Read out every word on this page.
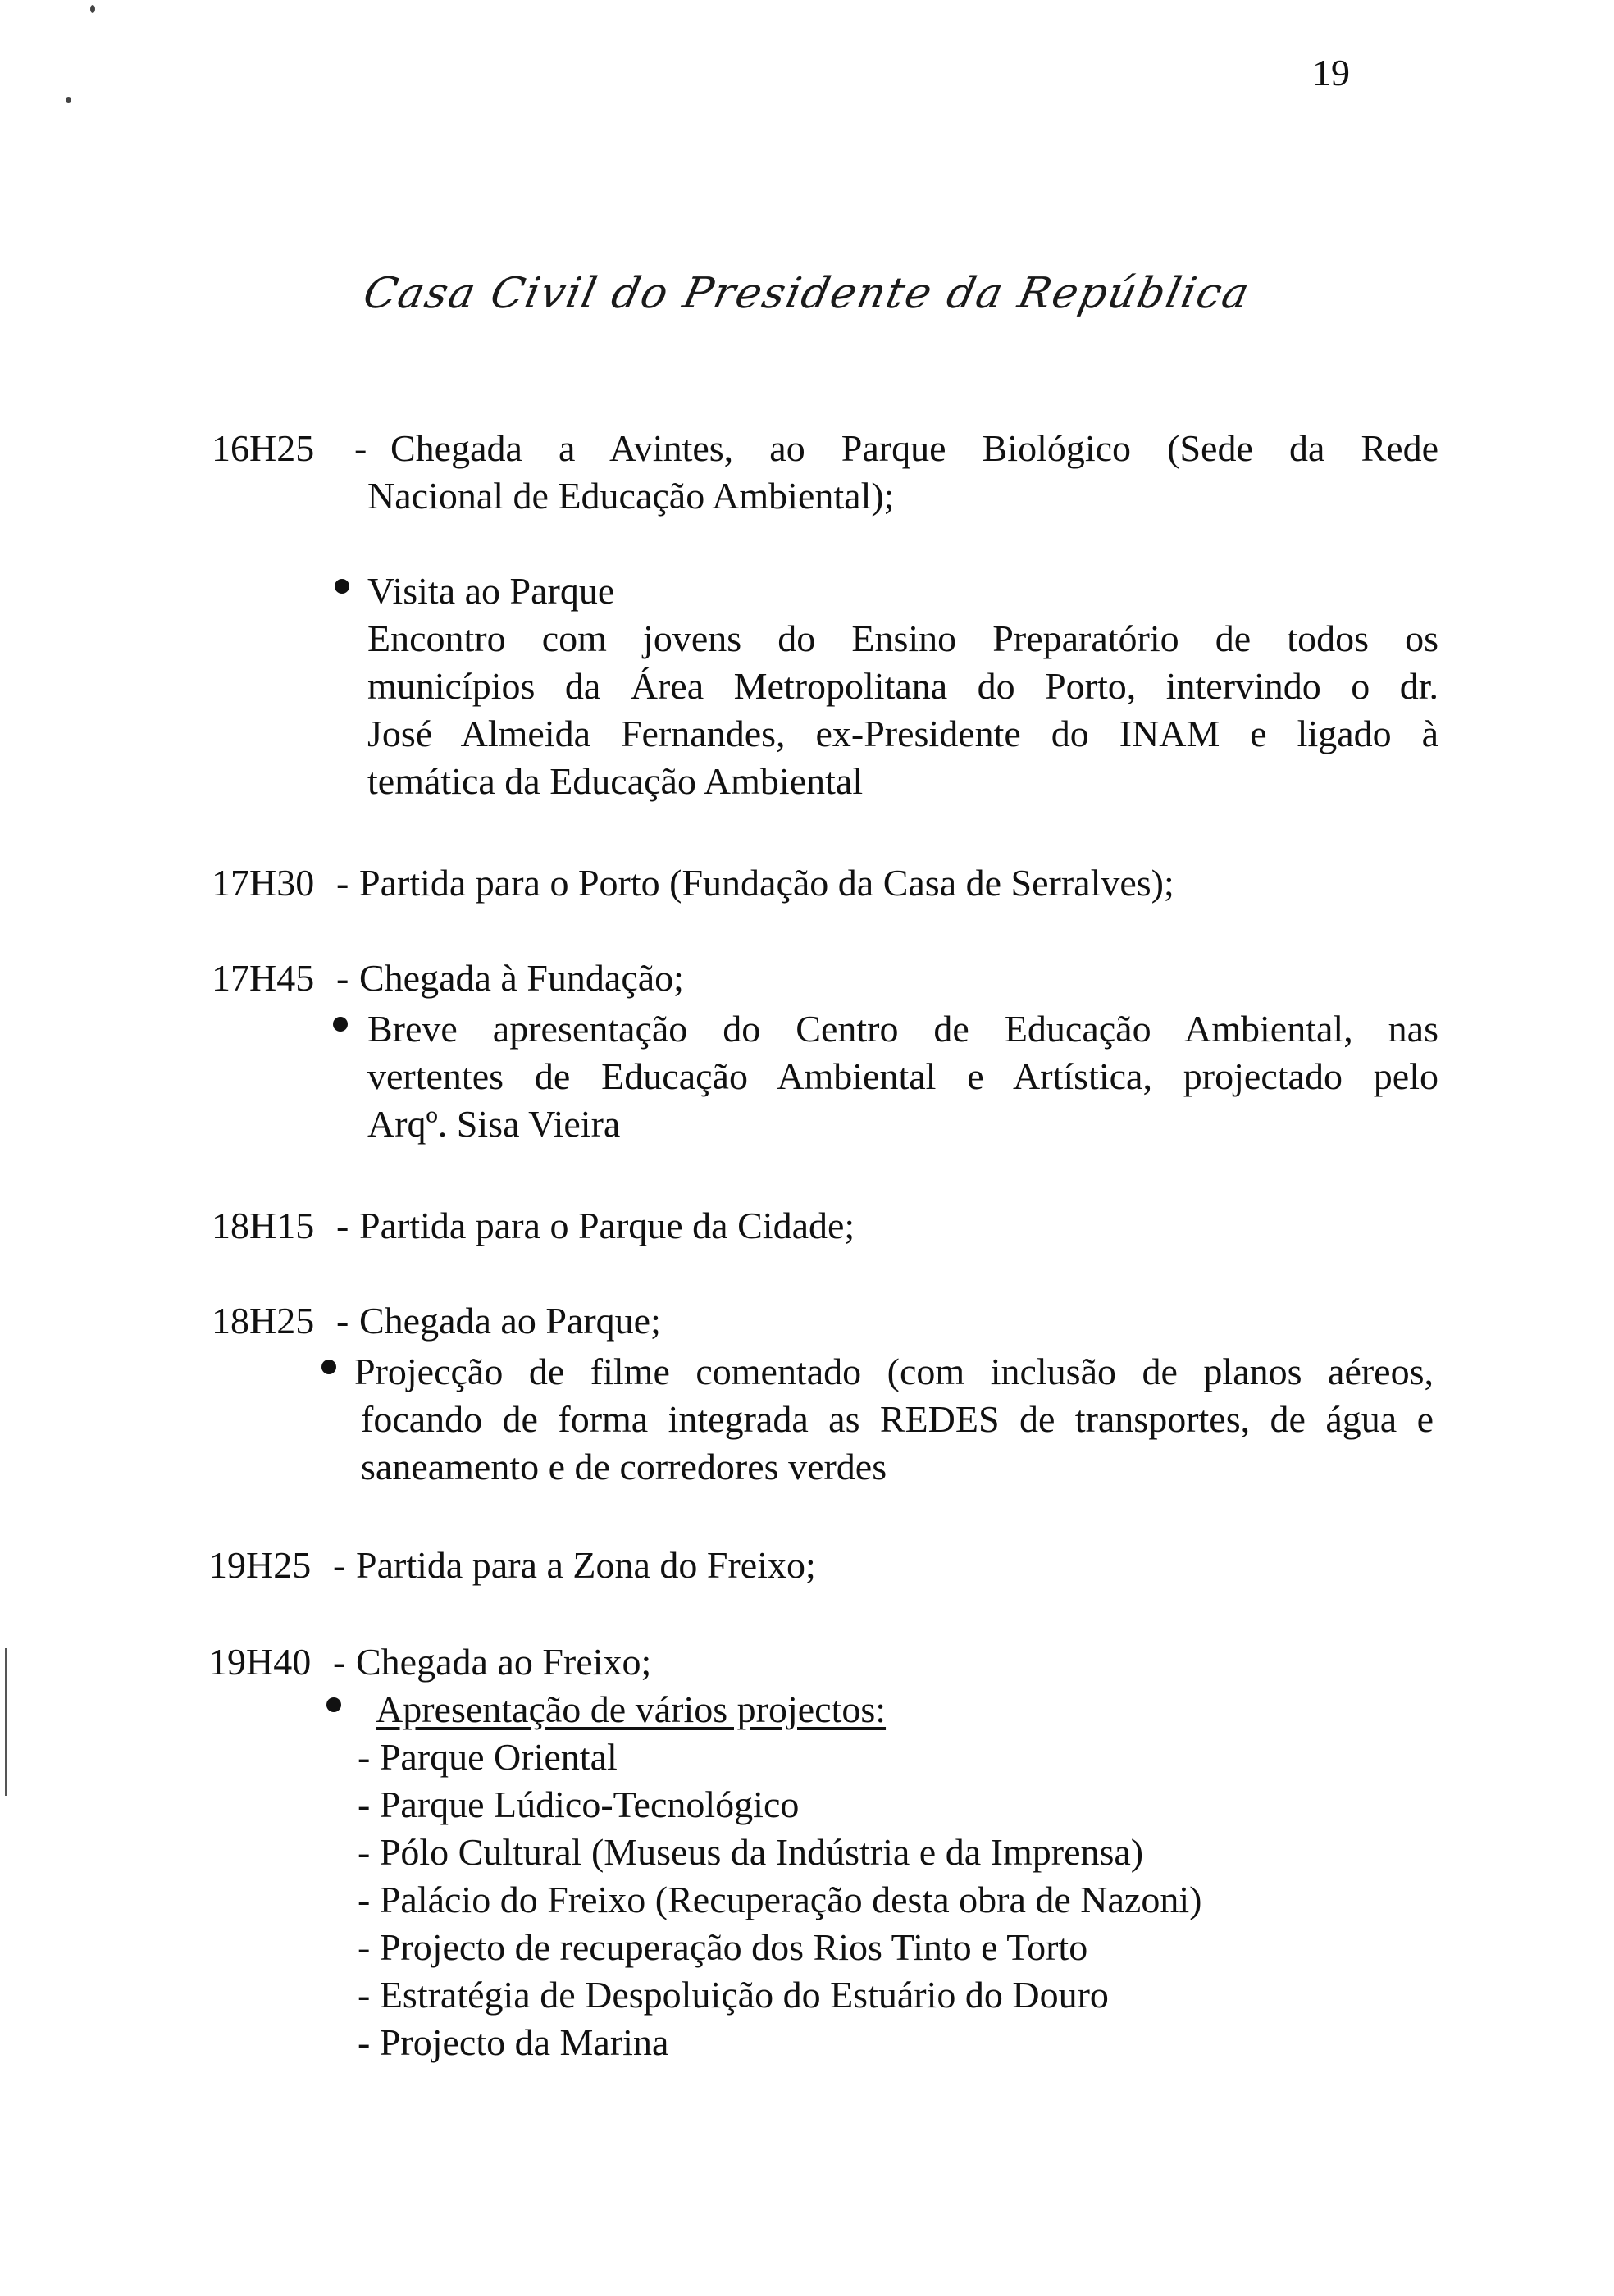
19
Casa Civil do Presidente da República
16H25 - Chegada a Avintes, ao Parque Biológico (Sede da Rede
Nacional de Educação Ambiental);
Visita ao Parque
Encontro com jovens do Ensino Preparatório de todos os
municípios da Área Metropolitana do Porto, intervindo o dr.
José Almeida Fernandes, ex-Presidente do INAM e ligado à
temática da Educação Ambiental
17H30 - Partida para o Porto (Fundação da Casa de Serralves);
17H45 - Chegada à Fundação;
Breve apresentação do Centro de Educação Ambiental, nas
vertentes de Educação Ambiental e Artística, projectado pelo
Arqº. Sisa Vieira
18H15 - Partida para o Parque da Cidade;
18H25 - Chegada ao Parque;
Projecção de filme comentado (com inclusão de planos aéreos,
focando de forma integrada as REDES de transportes, de água e
saneamento e de corredores verdes
19H25 - Partida para a Zona do Freixo;
19H40 - Chegada ao Freixo;
Apresentação de vários projectos:
- Parque Oriental
- Parque Lúdico-Tecnológico
- Pólo Cultural (Museus da Indústria e da Imprensa)
- Palácio do Freixo (Recuperação desta obra de Nazoni)
- Projecto de recuperação dos Rios Tinto e Torto
- Estratégia de Despoluição do Estuário do Douro
- Projecto da Marina
